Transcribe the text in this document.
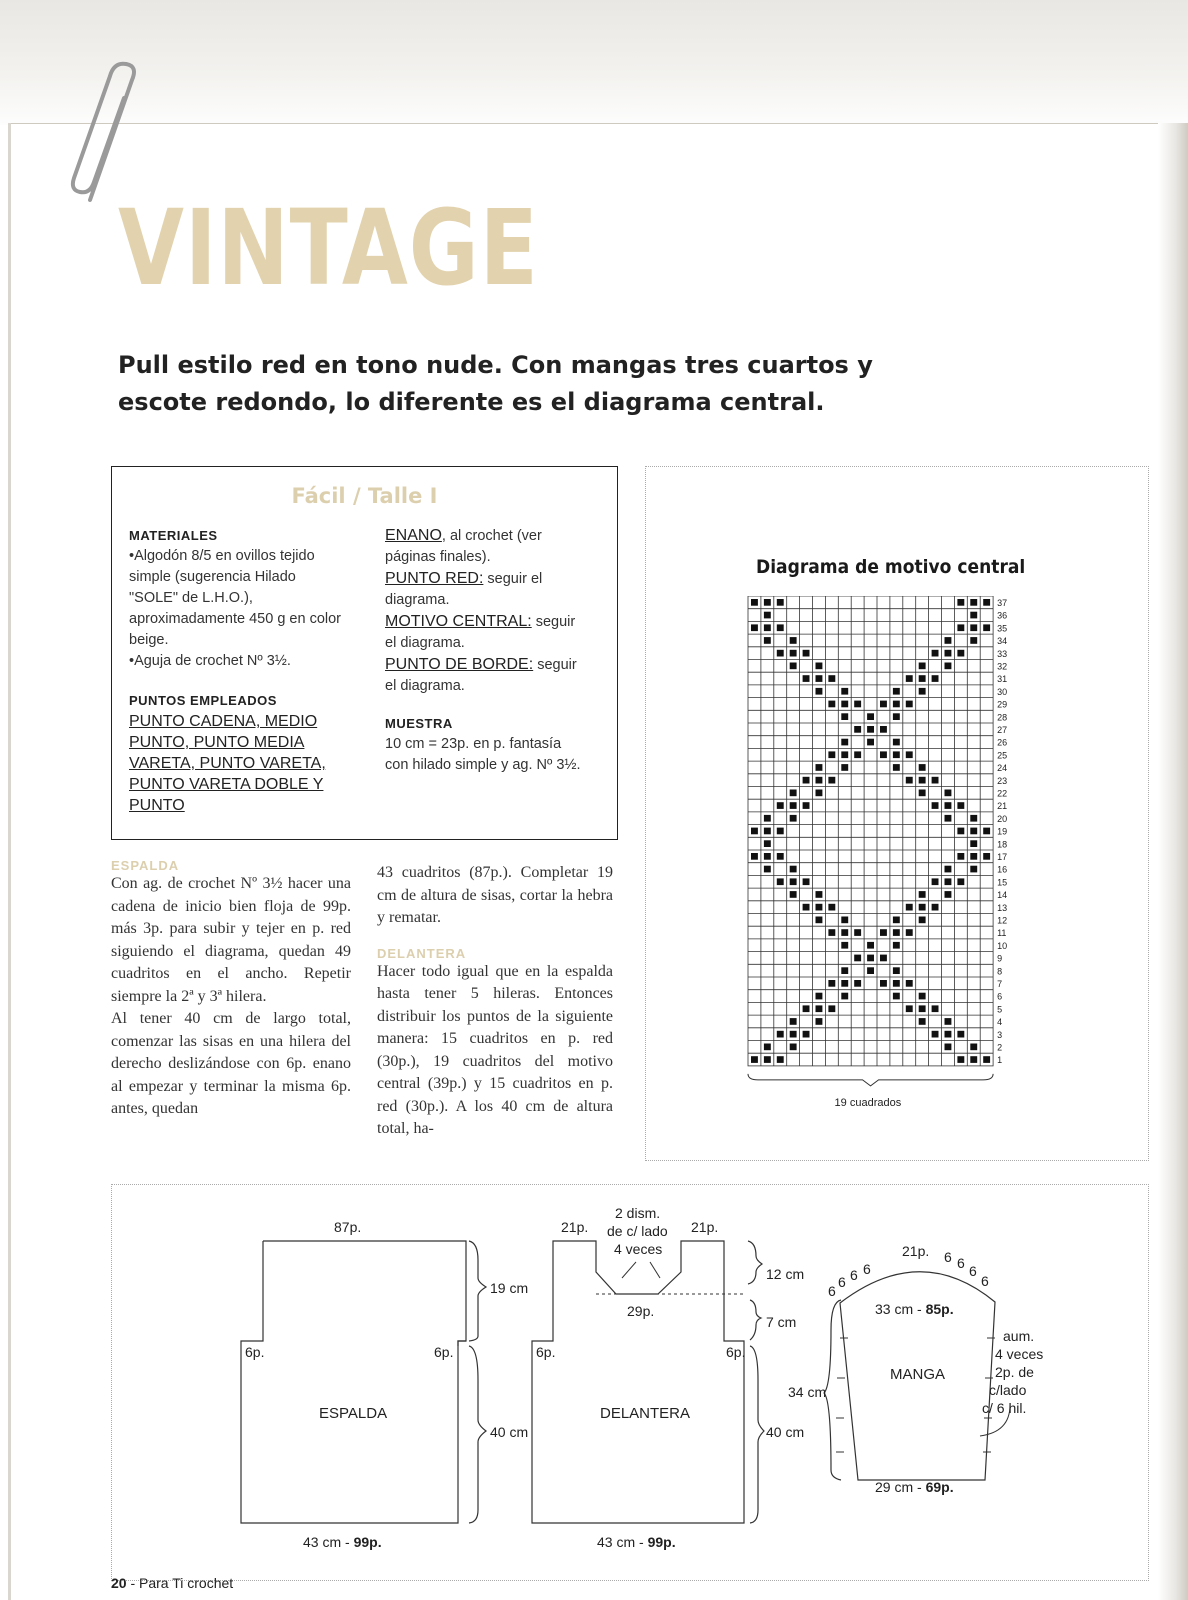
VINTAGE
Pull estilo red en tono nude. Con mangas tres cuartos y escote redondo, lo diferente es el diagrama central.
Fácil / Talle I
MATERIALES
•Algodón 8/5 en ovillos tejido simple (sugerencia Hilado "SOLE" de L.H.O.), aproximadamente 450 g en color beige.
•Aguja de crochet Nº 3½.
PUNTOS EMPLEADOS
PUNTO CADENA, MEDIO PUNTO, PUNTO MEDIA VARETA, PUNTO VARETA, PUNTO VARETA DOBLE Y PUNTO
ENANO, al crochet (ver páginas finales).
PUNTO RED: seguir el diagrama.
MOTIVO CENTRAL: seguir el diagrama.
PUNTO DE BORDE: seguir el diagrama.
MUESTRA
10 cm = 23p. en p. fantasía con hilado simple y ag. Nº 3½.
ESPALDA
Con ag. de crochet Nº 3½ hacer una cadena de inicio bien floja de 99p. más 3p. para subir y tejer en p. red siguiendo el diagrama, quedan 49 cuadritos en el ancho. Repetir siempre la 2ª y 3ª hilera.
Al tener 40 cm de largo total, comenzar las sisas en una hilera del derecho deslizándose con 6p. enano al empezar y terminar la misma 6p. antes, quedan
43 cuadritos (87p.). Completar 19 cm de altura de sisas, cortar la hebra y rematar.
DELANTERA
Hacer todo igual que en la espalda hasta tener 5 hileras. Entonces distribuir los puntos de la siguiente manera: 15 cuadritos en p. red (30p.), 19 cuadritos del motivo central (39p.) y 15 cuadritos en p. red (30p.). A los 40 cm de altura total, ha-
Diagrama de motivo central
37
36
35
34
33
32
31
30
29
28
27
26
25
24
23
22
21
20
19
18
17
16
15
14
13
12
11
10
9
8
7
6
5
4
3
2
1
19 cuadrados
87p.
6p.	6p.
ESPALDA
19 cm
40 cm
43 cm - 99p.
21p.	21p.
2 dism.
de c/ lado
4 veces
29p.
6p.	6p.
DELANTERA
12 cm
7 cm
40 cm
43 cm - 99p.
21p.
6
6 6 6
6 6 6
6
33 cm - 85p.
MANGA
34 cm
aum.
4 veces
2p. de
c/lado
c/ 6 hil.
29 cm - 69p.
20 - Para Ti crochet
